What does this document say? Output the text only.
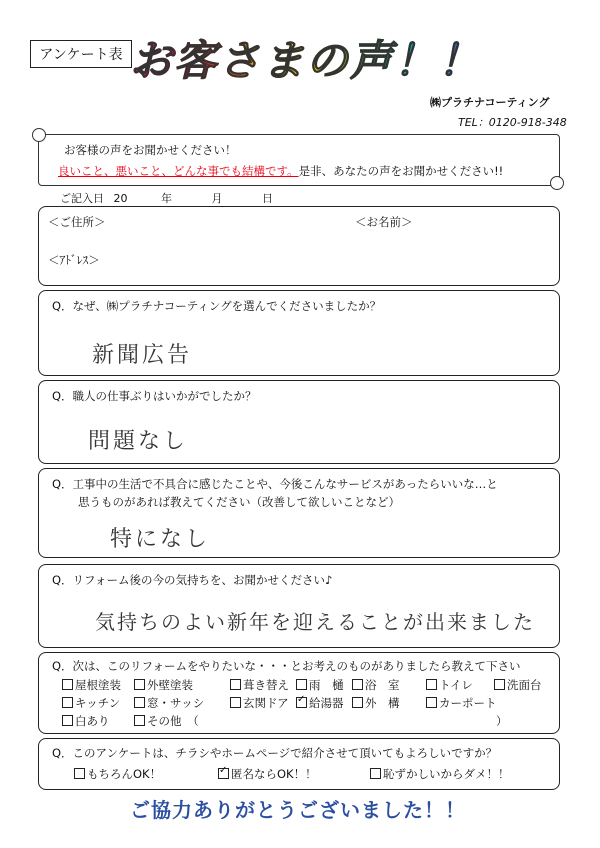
アンケート表 お客さまの声！！
㈱プラチナコーティング
TEL：0120-918-348
お客様の声をお聞かせください！
良いこと、悪いこと、どんな事でも結構です。是非、あなたの声をお聞かせください!!
ご記入日 20	年	月	日
＜ご住所＞	＜お名前＞
＜ｱﾄﾞﾚｽ＞
Q．なぜ、㈱プラチナコーティングを選んでくださいましたか？
新聞広告
Q．職人の仕事ぶりはいかがでしたか？
問題なし
Q．工事中の生活で不具合に感じたことや、今後こんなサービスがあったらいいな…と
思うものがあれば教えてください（改善して欲しいことなど）
特になし
Q．リフォーム後の今の気持ちを、お聞かせください♪
気持ちのよい新年を迎えることが出来ました
Q．次は、このリフォームをやりたいな・・・とお考えのものがありましたら教えて下さい
屋根塗装	外壁塗装	葺き替え	雨　樋	浴　室	トイレ	洗面台
キッチン	窓・サッシ	玄関ドア ✓	給湯器	外　構	カーポート
白あり	その他　（	）
Q．このアンケートは、チラシやホームページで紹介させて頂いてもよろしいですか？
もちろんOK！ ✓	匿名ならOK！！	恥ずかしいからダメ！！
ご協力ありがとうございました！！
